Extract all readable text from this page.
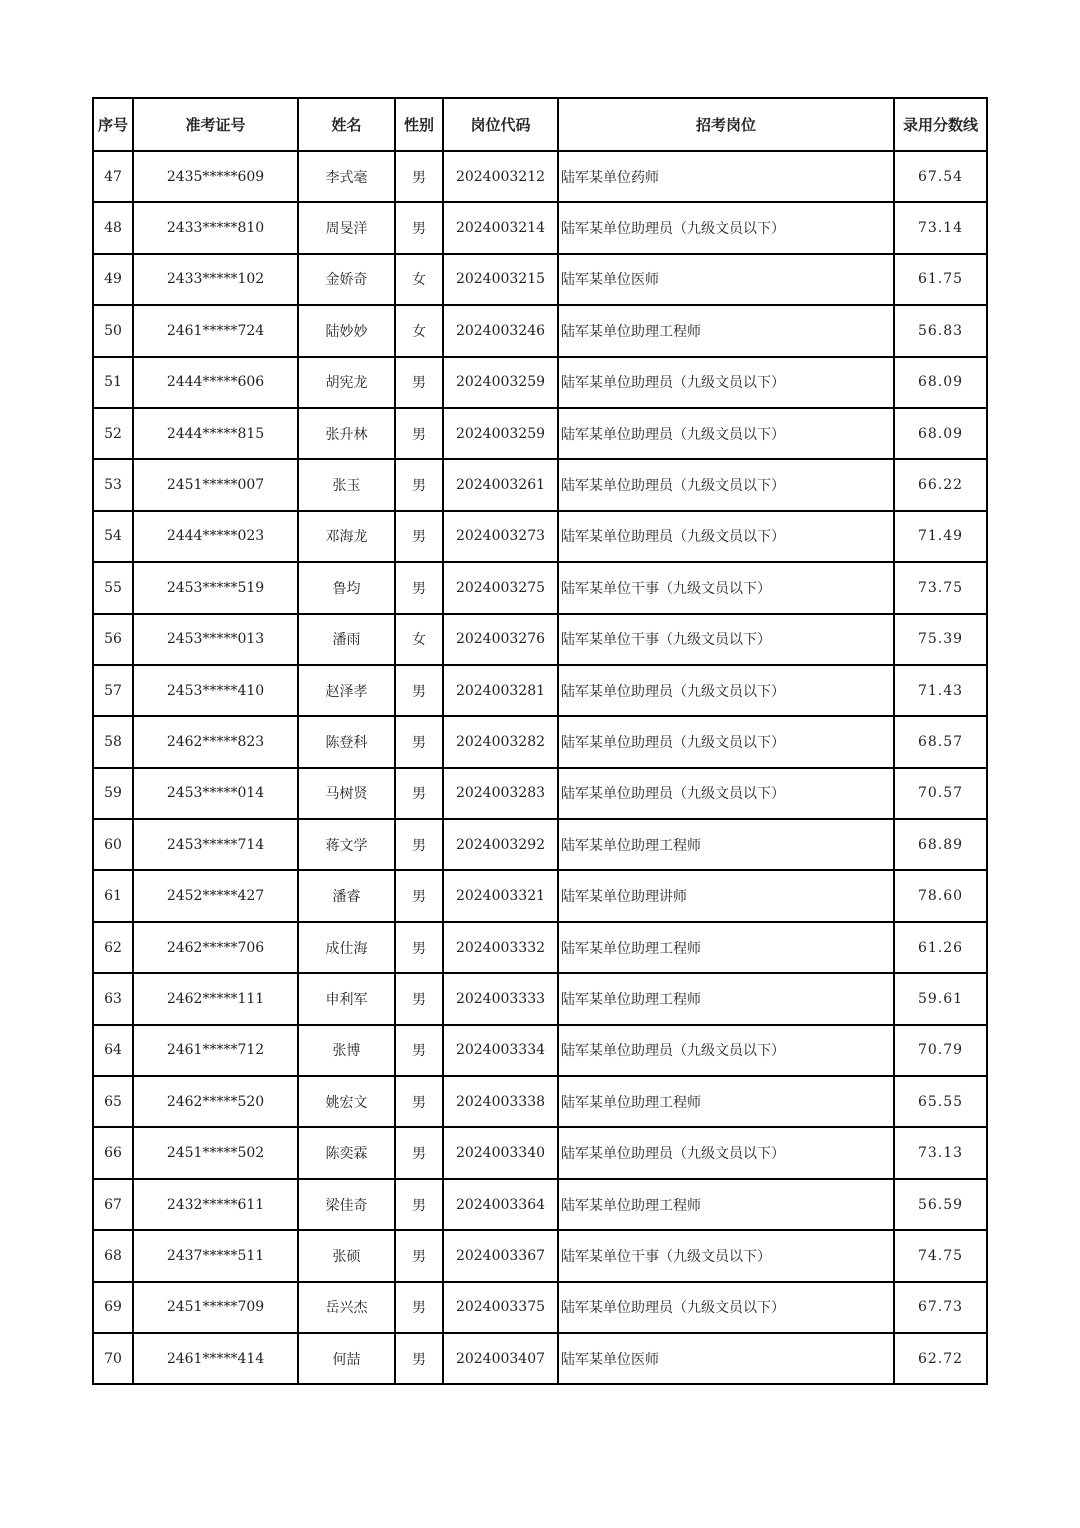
序号	准考证号	姓名	性别	岗位代码	招考岗位	录用分数线
47	2435*****609	李式毫	男	2024003212	陆军某单位药师	67.54
48	2433*****810	周旻洋	男	2024003214	陆军某单位助理员（九级文员以下）	73.14
49	2433*****102	金娇奇	女	2024003215	陆军某单位医师	61.75
50	2461*****724	陆妙妙	女	2024003246	陆军某单位助理工程师	56.83
51	2444*****606	胡宪龙	男	2024003259	陆军某单位助理员（九级文员以下）	68.09
52	2444*****815	张升林	男	2024003259	陆军某单位助理员（九级文员以下）	68.09
53	2451*****007	张玉	男	2024003261	陆军某单位助理员（九级文员以下）	66.22
54	2444*****023	邓海龙	男	2024003273	陆军某单位助理员（九级文员以下）	71.49
55	2453*****519	鲁均	男	2024003275	陆军某单位干事（九级文员以下）	73.75
56	2453*****013	潘雨	女	2024003276	陆军某单位干事（九级文员以下）	75.39
57	2453*****410	赵泽孝	男	2024003281	陆军某单位助理员（九级文员以下）	71.43
58	2462*****823	陈登科	男	2024003282	陆军某单位助理员（九级文员以下）	68.57
59	2453*****014	马树贤	男	2024003283	陆军某单位助理员（九级文员以下）	70.57
60	2453*****714	蒋文学	男	2024003292	陆军某单位助理工程师	68.89
61	2452*****427	潘睿	男	2024003321	陆军某单位助理讲师	78.60
62	2462*****706	成仕海	男	2024003332	陆军某单位助理工程师	61.26
63	2462*****111	申利军	男	2024003333	陆军某单位助理工程师	59.61
64	2461*****712	张博	男	2024003334	陆军某单位助理员（九级文员以下）	70.79
65	2462*****520	姚宏文	男	2024003338	陆军某单位助理工程师	65.55
66	2451*****502	陈奕霖	男	2024003340	陆军某单位助理员（九级文员以下）	73.13
67	2432*****611	梁佳奇	男	2024003364	陆军某单位助理工程师	56.59
68	2437*****511	张硕	男	2024003367	陆军某单位干事（九级文员以下）	74.75
69	2451*****709	岳兴杰	男	2024003375	陆军某单位助理员（九级文员以下）	67.73
70	2461*****414	何喆	男	2024003407	陆军某单位医师	62.72
